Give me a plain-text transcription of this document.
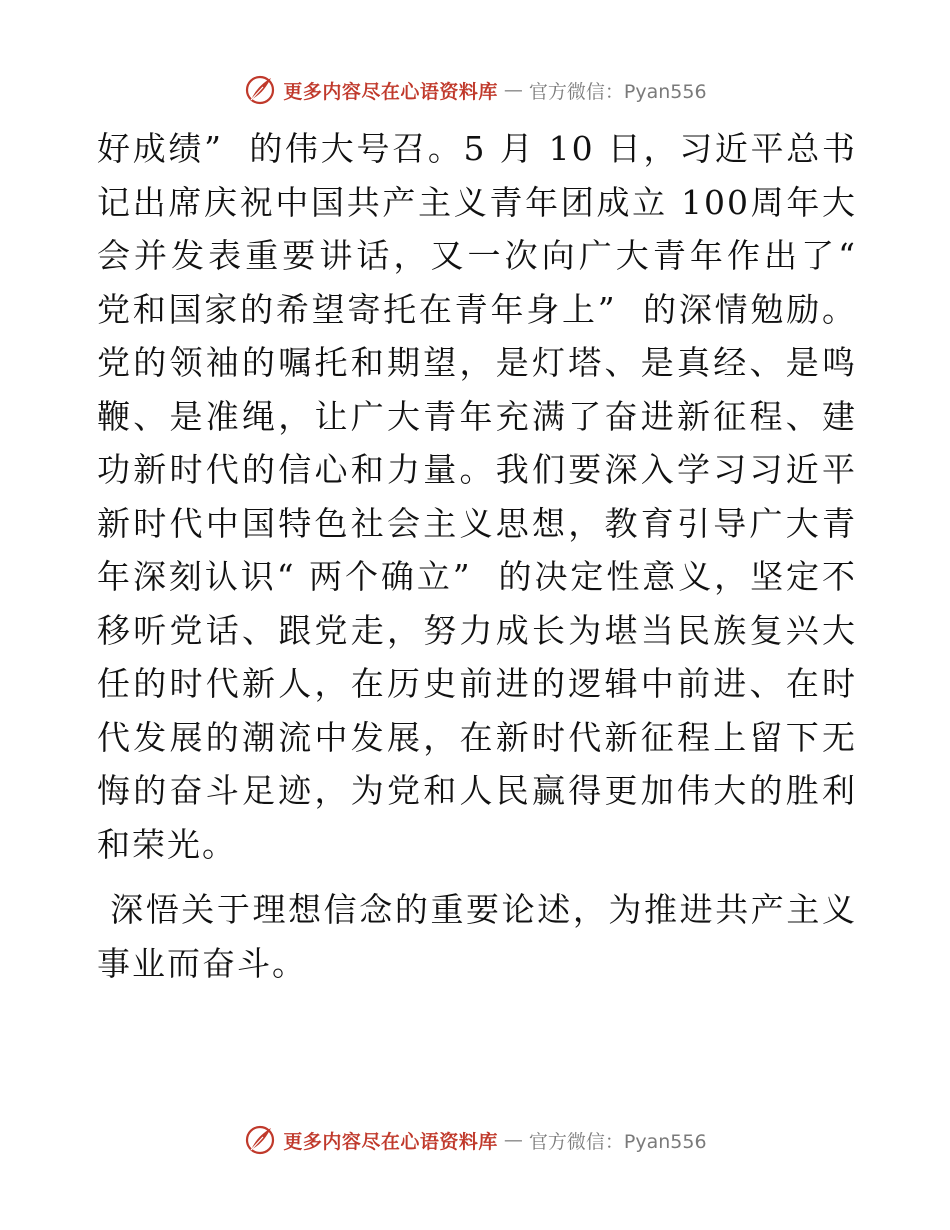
更多内容尽在心语资料库 — 官方微信：Pyan556

好成绩”  的伟大号召。5 月 10 日，习近平总书记出席庆祝中国共产主义青年团成立 100周年大会并发表重要讲话，又一次向广大青年作出了“ 党和国家的希望寄托在青年身上”  的深情勉励。党的领袖的嘱托和期望，是灯塔、是真经、是鸣鞭、是准绳，让广大青年充满了奋进新征程、建功新时代的信心和力量。我们要深入学习习近平新时代中国特色社会主义思想，教育引导广大青年深刻认识“ 两个确立”  的决定性意义，坚定不移听党话、跟党走，努力成长为堪当民族复兴大任的时代新人，在历史前进的逻辑中前进、在时代发展的潮流中发展，在新时代新征程上留下无悔的奋斗足迹，为党和人民赢得更加伟大的胜利和荣光。

深悟关于理想信念的重要论述，为推进共产主义事业而奋斗。

更多内容尽在心语资料库 — 官方微信：Pyan556
